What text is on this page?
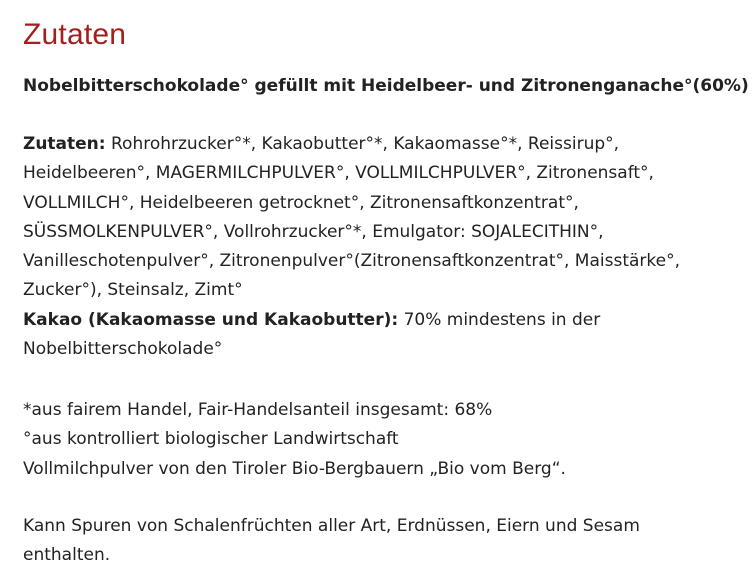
Zutaten

Nobelbitterschokolade° gefüllt mit Heidelbeer- und Zitronenganache°(60%)

Zutaten: Rohrohrzucker°*, Kakaobutter°*, Kakaomasse°*, Reissirup°,
Heidelbeeren°, MAGERMILCHPULVER°, VOLLMILCHPULVER°, Zitronensaft°,
VOLLMILCH°, Heidelbeeren getrocknet°, Zitronensaftkonzentrat°,
SÜSSMOLKENPULVER°, Vollrohrzucker°*, Emulgator: SOJALECITHIN°,
Vanilleschotenpulver°, Zitronenpulver°(Zitronensaftkonzentrat°, Maisstärke°,
Zucker°), Steinsalz, Zimt°
Kakao (Kakaomasse und Kakaobutter): 70% mindestens in der
Nobelbitterschokolade°
*aus fairem Handel, Fair-Handelsanteil insgesamt: 68%
°aus kontrolliert biologischer Landwirtschaft
Vollmilchpulver von den Tiroler Bio-Bergbauern „Bio vom Berg“.
Kann Spuren von Schalenfrüchten aller Art, Erdnüssen, Eiern und Sesam
enthalten.
